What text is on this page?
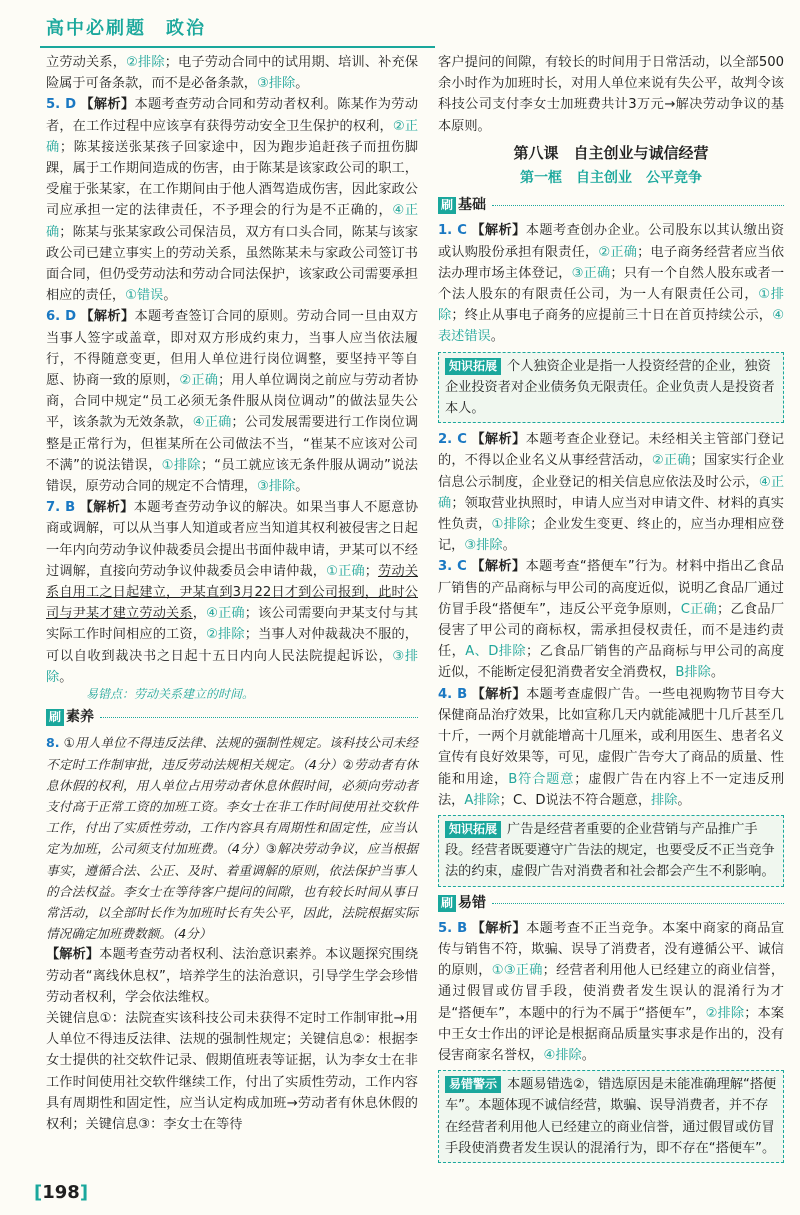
高中必刷题　政治

立劳动关系，②排除；电子劳动合同中的试用期、培训、补充保险属于可备条款，而不是必备条款，③排除。

5. D 【解析】本题考查劳动合同和劳动者权利。陈某作为劳动者，在工作过程中应该享有获得劳动安全卫生保护的权利，②正确；陈某接送张某孩子回家途中，因为跑步追赶孩子而扭伤脚踝，属于工作期间造成的伤害，由于陈某是该家政公司的职工，受雇于张某家，在工作期间由于他人酒驾造成伤害，因此家政公司应承担一定的法律责任，不予理会的行为是不正确的，④正确；陈某与张某家政公司保洁员，双方有口头合同，陈某与该家政公司已建立事实上的劳动关系，虽然陈某未与家政公司签订书面合同，但仍受劳动法和劳动合同法保护，该家政公司需要承担相应的责任，①错误。

6. D 【解析】本题考查签订合同的原则。劳动合同一旦由双方当事人签字或盖章，即对双方形成约束力，当事人应当依法履行，不得随意变更，但用人单位进行岗位调整，要坚持平等自愿、协商一致的原则，②正确；用人单位调岗之前应与劳动者协商，合同中规定“员工必须无条件服从岗位调动”的做法显失公平，该条款为无效条款，④正确；公司发展需要进行工作岗位调整是正常行为，但崔某所在公司做法不当，“崔某不应该对公司不满”的说法错误，①排除；“员工就应该无条件服从调动”说法错误，原劳动合同的规定不合情理，③排除。

7. B 【解析】本题考查劳动争议的解决。如果当事人不愿意协商或调解，可以从当事人知道或者应当知道其权利被侵害之日起一年内向劳动争议仲裁委员会提出书面仲裁申请，尹某可以不经过调解，直接向劳动争议仲裁委员会申请仲裁，①正确；劳动关系自用工之日起建立，尹某直到3月22日才到公司报到，此时公司与尹某才建立劳动关系，④正确；该公司需要向尹某支付与其实际工作时间相应的工资，②排除；当事人对仲裁裁决不服的，可以自收到裁决书之日起十五日内向人民法院提起诉讼，③排除。

易错点：劳动关系建立的时间。

刷 素养

8. ①用人单位不得违反法律、法规的强制性规定。该科技公司未经不定时工作制审批，违反劳动法规相关规定。（4分）②劳动者有休息休假的权利，用人单位占用劳动者休息休假时间，必须向劳动者支付高于正常工资的加班工资。李女士在非工作时间使用社交软件工作，付出了实质性劳动，工作内容具有周期性和固定性，应当认定为加班，公司须支付加班费。（4分）③解决劳动争议，应当根据事实，遵循合法、公正、及时、着重调解的原则，依法保护当事人的合法权益。李女士在等待客户提问的间隙，也有较长时间从事日常活动，以全部时长作为加班时长有失公平，因此，法院根据实际情况确定加班费数额。（4分）

【解析】本题考查劳动者权利、法治意识素养。本议题探究围绕劳动者“离线休息权”，培养学生的法治意识，引导学生学会珍惜劳动者权利，学会依法维权。

关键信息①：法院查实该科技公司未获得不定时工作制审批→用人单位不得违反法律、法规的强制性规定；关键信息②：根据李女士提供的社交软件记录、假期值班表等证据，认为李女士在非工作时间使用社交软件继续工作，付出了实质性劳动，工作内容具有周期性和固定性，应当认定构成加班→劳动者有休息休假的权利；关键信息③：李女士在等待

客户提问的间隙，有较长的时间用于日常活动，以全部500余小时作为加班时长，对用人单位来说有失公平，故判令该科技公司支付李女士加班费共计3万元→解决劳动争议的基本原则。

第八课　自主创业与诚信经营
第一框　自主创业　公平竞争
刷 基础

1. C 【解析】本题考查创办企业。公司股东以其认缴出资或认购股份承担有限责任，②正确；电子商务经营者应当依法办理市场主体登记，③正确；只有一个自然人股东或者一个法人股东的有限责任公司，为一人有限责任公司，①排除；终止从事电子商务的应提前三十日在首页持续公示，④表述错误。

知识拓展 个人独资企业是指一人投资经营的企业，独资企业投资者对企业债务负无限责任。企业负责人是投资者本人。

2. C 【解析】本题考查企业登记。未经相关主管部门登记的，不得以企业名义从事经营活动，②正确；国家实行企业信息公示制度，企业登记的相关信息应依法及时公示，④正确；领取营业执照时，申请人应当对申请文件、材料的真实性负责，①排除；企业发生变更、终止的，应当办理相应登记，③排除。

3. C 【解析】本题考查“搭便车”行为。材料中指出乙食品厂销售的产品商标与甲公司的高度近似，说明乙食品厂通过仿冒手段“搭便车”，违反公平竞争原则，C正确；乙食品厂侵害了甲公司的商标权，需承担侵权责任，而不是违约责任，A、D排除；乙食品厂销售的产品商标与甲公司的高度近似，不能断定侵犯消费者安全消费权，B排除。

4. B 【解析】本题考查虚假广告。一些电视购物节目夸大保健商品治疗效果，比如宣称几天内就能减肥十几斤甚至几十斤，一两个月就能增高十几厘米，或利用医生、患者名义宣传有良好效果等，可见，虚假广告夸大了商品的质量、性能和用途，B符合题意；虚假广告在内容上不一定违反刑法，A排除；C、D说法不符合题意，排除。

知识拓展 广告是经营者重要的企业营销与产品推广手段。经营者既要遵守广告法的规定，也要受反不正当竞争法的约束，虚假广告对消费者和社会都会产生不利影响。
刷 易错

5. B 【解析】本题考查不正当竞争。本案中商家的商品宣传与销售不符，欺骗、误导了消费者，没有遵循公平、诚信的原则，①③正确；经营者利用他人已经建立的商业信誉，通过假冒或仿冒手段，使消费者发生误认的混淆行为才是“搭便车”，本题中的行为不属于“搭便车”，②排除；本案中王女士作出的评论是根据商品质量实事求是作出的，没有侵害商家名誉权，④排除。

易错警示 本题易错选②，错选原因是未能准确理解“搭便车”。本题体现不诚信经营，欺骗、误导消费者，并不存在经营者利用他人已经建立的商业信誉，通过假冒或仿冒手段使消费者发生误认的混淆行为，即不存在“搭便车”。
[198]
